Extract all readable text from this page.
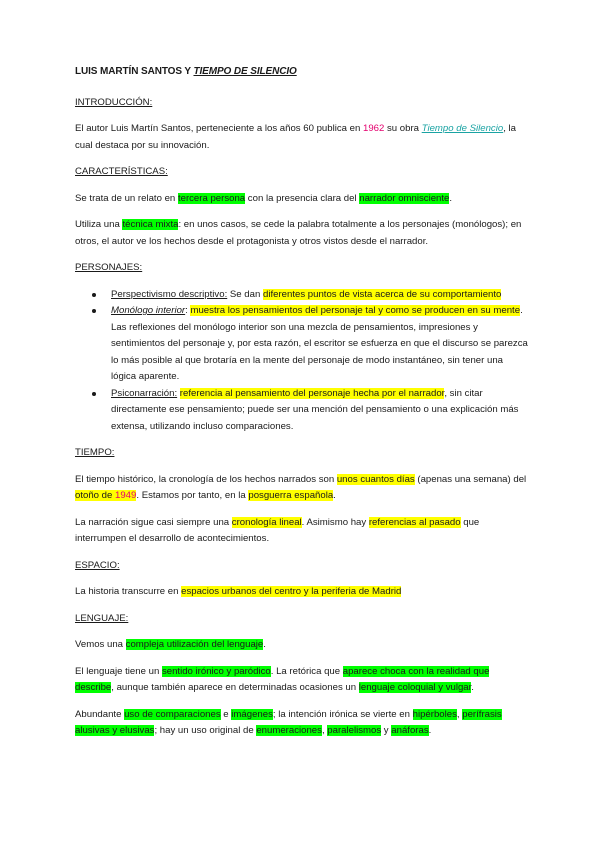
LUIS MARTÍN SANTOS Y TIEMPO DE SILENCIO
INTRODUCCIÓN:

El autor Luis Martín Santos, perteneciente a los años 60 publica en 1962 su obra Tiempo de Silencio, la cual destaca por su innovación.

CARACTERÍSTICAS:

Se trata de un relato en tercera persona con la presencia clara del narrador omnisciente.

Utiliza una técnica mixta: en unos casos, se cede la palabra totalmente a los personajes (monólogos); en otros, el autor ve los hechos desde el protagonista y otros vistos desde el narrador.

PERSONAJES:
Perspectivismo descriptivo: Se dan diferentes puntos de vista acerca de su comportamiento
Monólogo interior: muestra los pensamientos del personaje tal y como se producen en su mente. Las reflexiones del monólogo interior son una mezcla de pensamientos, impresiones y sentimientos del personaje y, por esta razón, el escritor se esfuerza en que el discurso se parezca lo más posible al que brotaría en la mente del personaje de modo instantáneo, sin tener una lógica aparente.
Psiconarración: referencia al pensamiento del personaje hecha por el narrador, sin citar directamente ese pensamiento; puede ser una mención del pensamiento o una explicación más extensa, utilizando incluso comparaciones.
TIEMPO:

El tiempo histórico, la cronología de los hechos narrados son unos cuantos días (apenas una semana) del otoño de 1949. Estamos por tanto, en la posguerra española.

La narración sigue casi siempre una cronología lineal. Asimismo hay referencias al pasado que interrumpen el desarrollo de acontecimientos.

ESPACIO:

La historia transcurre en espacios urbanos del centro y la periferia de Madrid

LENGUAJE:

Vemos una compleja utilización del lenguaje.

El lenguaje tiene un sentido irónico y paródico. La retórica que aparece choca con la realidad que describe, aunque también aparece en determinadas ocasiones un lenguaje coloquial y vulgar.

Abundante uso de comparaciones e imágenes; la intención irónica se vierte en hipérboles, perífrasis alusivas y elusivas; hay un uso original de enumeraciones, paralelismos y anáforas.
